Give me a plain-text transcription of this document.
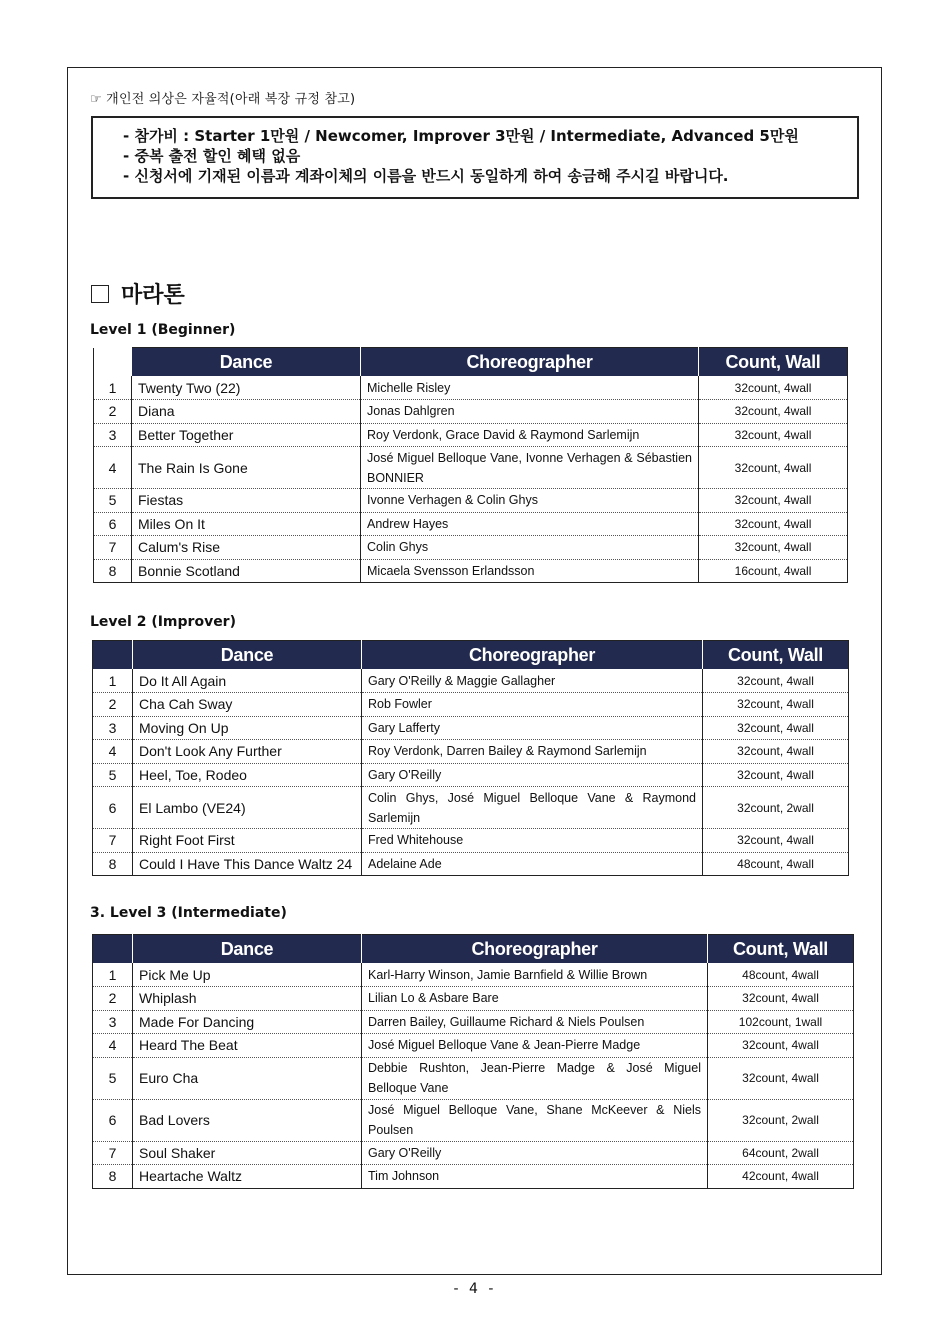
☞ 개인전 의상은 자율적(아래 복장 규정 참고)
- 참가비 : Starter 1만원 / Newcomer, Improver 3만원 / Intermediate, Advanced 5만원
- 중복 출전 할인 혜택 없음
- 신청서에 기재된 이름과 계좌이체의 이름을 반드시 동일하게 하여 송금해 주시길 바랍니다.
마라톤
Level 1 (Beginner)
	Dance	Choreographer	Count, Wall
1	Twenty Two (22)	Michelle Risley	32count, 4wall
2	Diana	Jonas Dahlgren	32count, 4wall
3	Better Together	Roy Verdonk, Grace David & Raymond Sarlemijn	32count, 4wall
4	The Rain Is Gone	José Miguel Belloque Vane, Ivonne Verhagen & Sébastien BONNIER	32count, 4wall
5	Fiestas	Ivonne Verhagen & Colin Ghys	32count, 4wall
6	Miles On It	Andrew Hayes	32count, 4wall
7	Calum's Rise	Colin Ghys	32count, 4wall
8	Bonnie Scotland	Micaela Svensson Erlandsson	16count, 4wall
Level 2 (Improver)
	Dance	Choreographer	Count, Wall
1	Do It All Again	Gary O'Reilly & Maggie Gallagher	32count, 4wall
2	Cha Cah Sway	Rob Fowler	32count, 4wall
3	Moving On Up	Gary Lafferty	32count, 4wall
4	Don't Look Any Further	Roy Verdonk, Darren Bailey & Raymond Sarlemijn	32count, 4wall
5	Heel, Toe, Rodeo	Gary O'Reilly	32count, 4wall
6	El Lambo (VE24)	Colin Ghys, José Miguel Belloque Vane & Raymond Sarlemijn	32count, 2wall
7	Right Foot First	Fred Whitehouse	32count, 4wall
8	Could I Have This Dance Waltz 24	Adelaine Ade	48count, 4wall
3. Level 3 (Intermediate)
	Dance	Choreographer	Count, Wall
1	Pick Me Up	Karl-Harry Winson, Jamie Barnfield & Willie Brown	48count, 4wall
2	Whiplash	Lilian Lo & Asbare Bare	32count, 4wall
3	Made For Dancing	Darren Bailey, Guillaume Richard & Niels Poulsen	102count, 1wall
4	Heard The Beat	José Miguel Belloque Vane & Jean-Pierre Madge	32count, 4wall
5	Euro Cha	Debbie Rushton, Jean-Pierre Madge & José Miguel Belloque Vane	32count, 4wall
6	Bad Lovers	José Miguel Belloque Vane, Shane McKeever & Niels Poulsen	32count, 2wall
7	Soul Shaker	Gary O'Reilly	64count, 2wall
8	Heartache Waltz	Tim Johnson	42count, 4wall
- 4 -
